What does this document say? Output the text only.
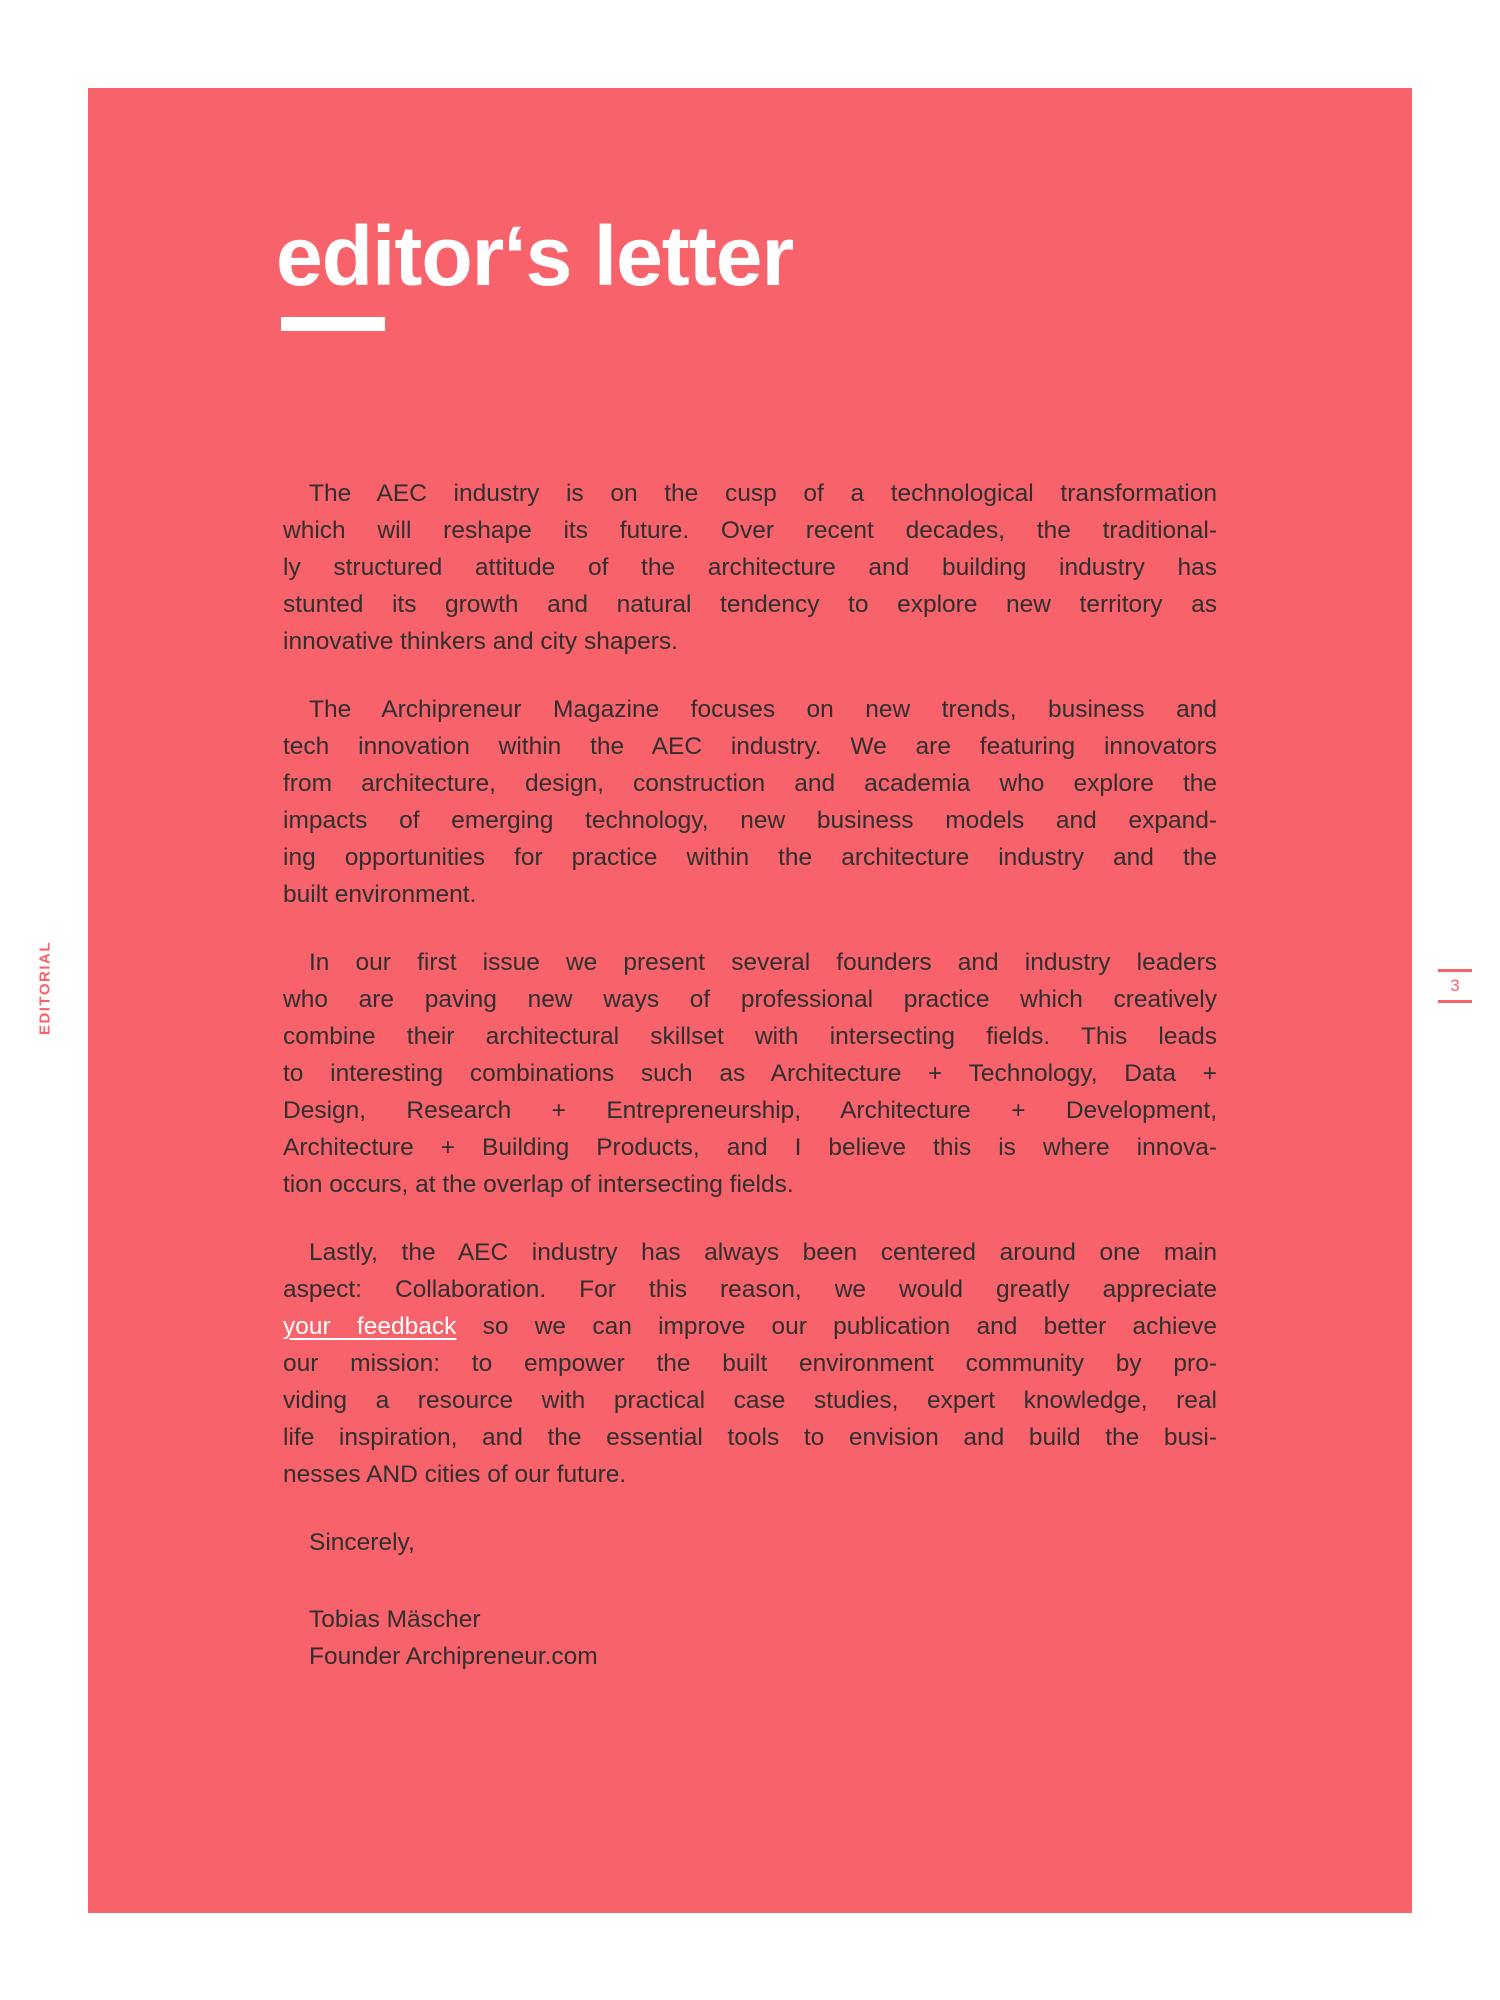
editor‘s letter
The AEC industry is on the cusp of a technological transformation
which will reshape its future. Over recent decades, the traditional-
ly structured attitude of the architecture and building industry has
stunted its growth and natural tendency to explore new territory as
innovative thinkers and city shapers.
The Archipreneur Magazine focuses on new trends, business and
tech innovation within the AEC industry. We are featuring innovators
from architecture, design, construction and academia who explore the
impacts of emerging technology, new business models and expand-
ing opportunities for practice within the architecture industry and the
built environment.
In our first issue we present several founders and industry leaders
who are paving new ways of professional practice which creatively
combine their architectural skillset with intersecting fields. This leads
to interesting combinations such as Architecture + Technology, Data +
Design, Research + Entrepreneurship, Architecture + Development,
Architecture + Building Products, and I believe this is where innova-
tion occurs, at the overlap of intersecting fields.
Lastly, the AEC industry has always been centered around one main
aspect: Collaboration. For this reason, we would greatly appreciate
your feedback so we can improve our publication and better achieve
our mission: to empower the built environment community by pro-
viding a resource with practical case studies, expert knowledge, real
life inspiration, and the essential tools to envision and build the busi-
nesses AND cities of our future.
Sincerely,
Tobias Mäscher
Founder Archipreneur.com
EDITORIAL	3
